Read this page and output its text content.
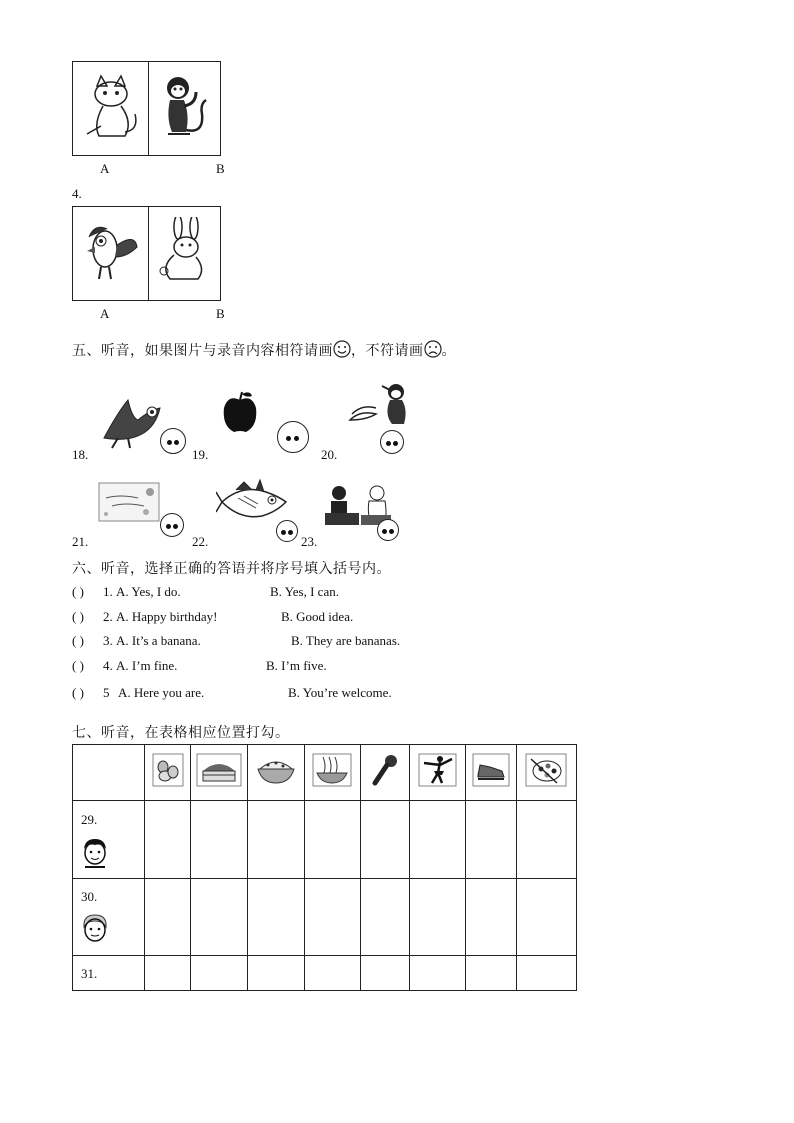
A	B
4.
A	B
五、听音，如果图片与录音内容相符请画 ，不符请画 。
18.	19.	20.
21.	22.	23.
六、听音，选择正确的答语并将序号填入括号内。
( ) 1. A. Yes, I do.	B. Yes, I can.
( ) 2. A. Happy birthday!	B. Good idea.
( ) 3. A. It’s a banana.	B. They are bananas.
( ) 4. A. I’m fine.	B. I’m five.
( ) 5 A. Here you are.	B. You’re welcome.
七、听音，在表格相应位置打勾。

29.								

30.								

31.								
